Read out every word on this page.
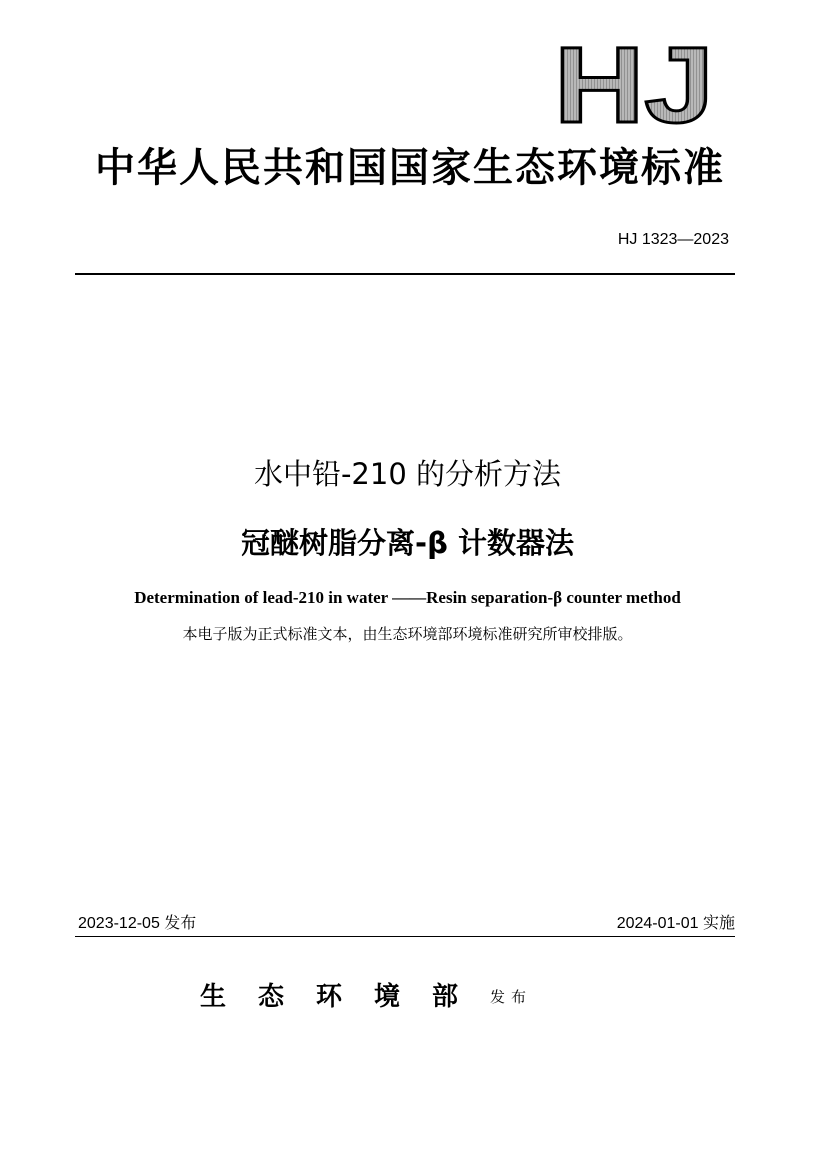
HJ
中华人民共和国国家生态环境标准
HJ 1323—2023
水中铅-210 的分析方法
冠醚树脂分离-β 计数器法
Determination of lead-210 in water ——Resin separation-β counter method
本电子版为正式标准文本，由生态环境部环境标准研究所审校排版。
2023-12-05 发布	2024-01-01 实施
生态环境部发布
